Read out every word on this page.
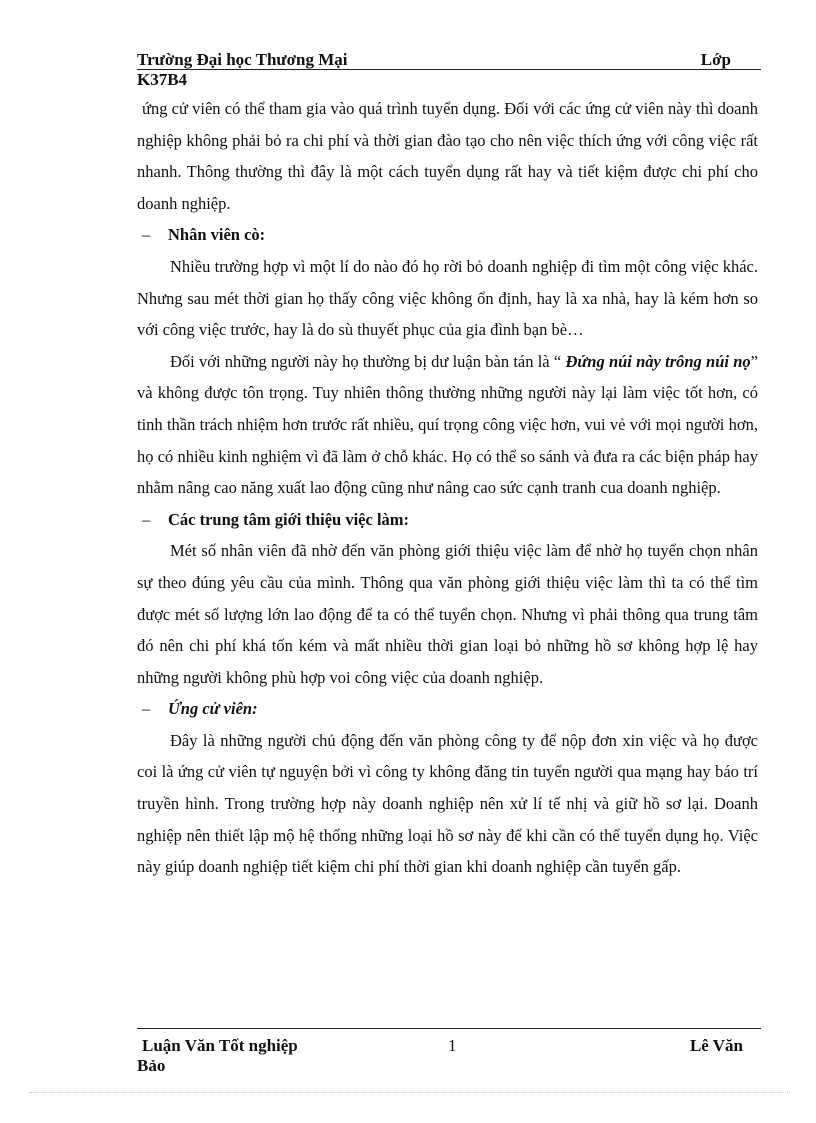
Trường Đại học Thương Mại	Lớp
K37B4

ứng cử viên có thể tham gia vào quá trình tuyển dụng. Đối với các ứng cử viên này thì doanh nghiệp không phải bỏ ra chi phí và thời gian đào tạo cho nên việc thích ứng với công việc rất nhanh. Thông thường thì đây là một cách tuyển dụng rất hay và tiết kiệm được chi phí cho doanh nghiệp.

–	Nhân viên cò:

Nhiều trường hợp vì một lí do nào đó họ rời bỏ doanh nghiệp đi tìm một công việc khác. Nhưng sau mét thời gian họ thấy công việc không ổn định, hay là xa nhà, hay là kém hơn so với công việc trước, hay là do sù thuyết phục của gia đình bạn bè…

Đối với những người này họ thường bị dư luận bàn tán là “ Đứng núi này trông núi nọ” và không được tôn trọng. Tuy nhiên thông thường những người này lại làm việc tốt hơn, có tinh thần trách nhiệm hơn trước rất nhiều, quí trọng công việc hơn, vui vẻ với mọi người hơn, họ có nhiều kinh nghiệm vì đã làm ở chỗ khác. Họ có thể so sánh và đưa ra các biện pháp hay nhằm nâng cao năng xuất lao động cũng như nâng cao sức cạnh tranh cua doanh nghiệp.

–	Các trung tâm giới thiệu việc làm:

Mét số nhân viên đã nhờ đến văn phòng giới thiệu việc làm để nhờ họ tuyển chọn nhân sự theo đúng yêu cầu của mình. Thông qua văn phòng giới thiệu việc làm thì ta có thể tìm được mét số lượng lớn lao động để ta có thể tuyển chọn. Nhưng vì phải thông qua trung tâm đó nên chi phí khá tốn kém và mất nhiều thời gian loại bỏ những hồ sơ không hợp lệ hay những người không phù hợp voi công việc của doanh nghiệp.

–	Ứng cử viên:

Đây là những người chủ động đến văn phòng công ty để nộp đơn xin việc và họ được coi là ứng cử viên tự nguyện bởi vì công ty không đăng tin tuyển người qua mạng hay báo trí truyền hình. Trong trường hợp này doanh nghiệp nên xử lí tế nhị và giữ hồ sơ lại. Doanh nghiệp nên thiết lập mộ hệ thống những loại hồ sơ này để khi cần có thể tuyển dụng họ. Việc này giúp doanh nghiệp tiết kiệm chi phí thời gian khi doanh nghiệp cần tuyển gấp.

Luận Văn Tốt nghiệp	1	Lê Văn
Bảo
